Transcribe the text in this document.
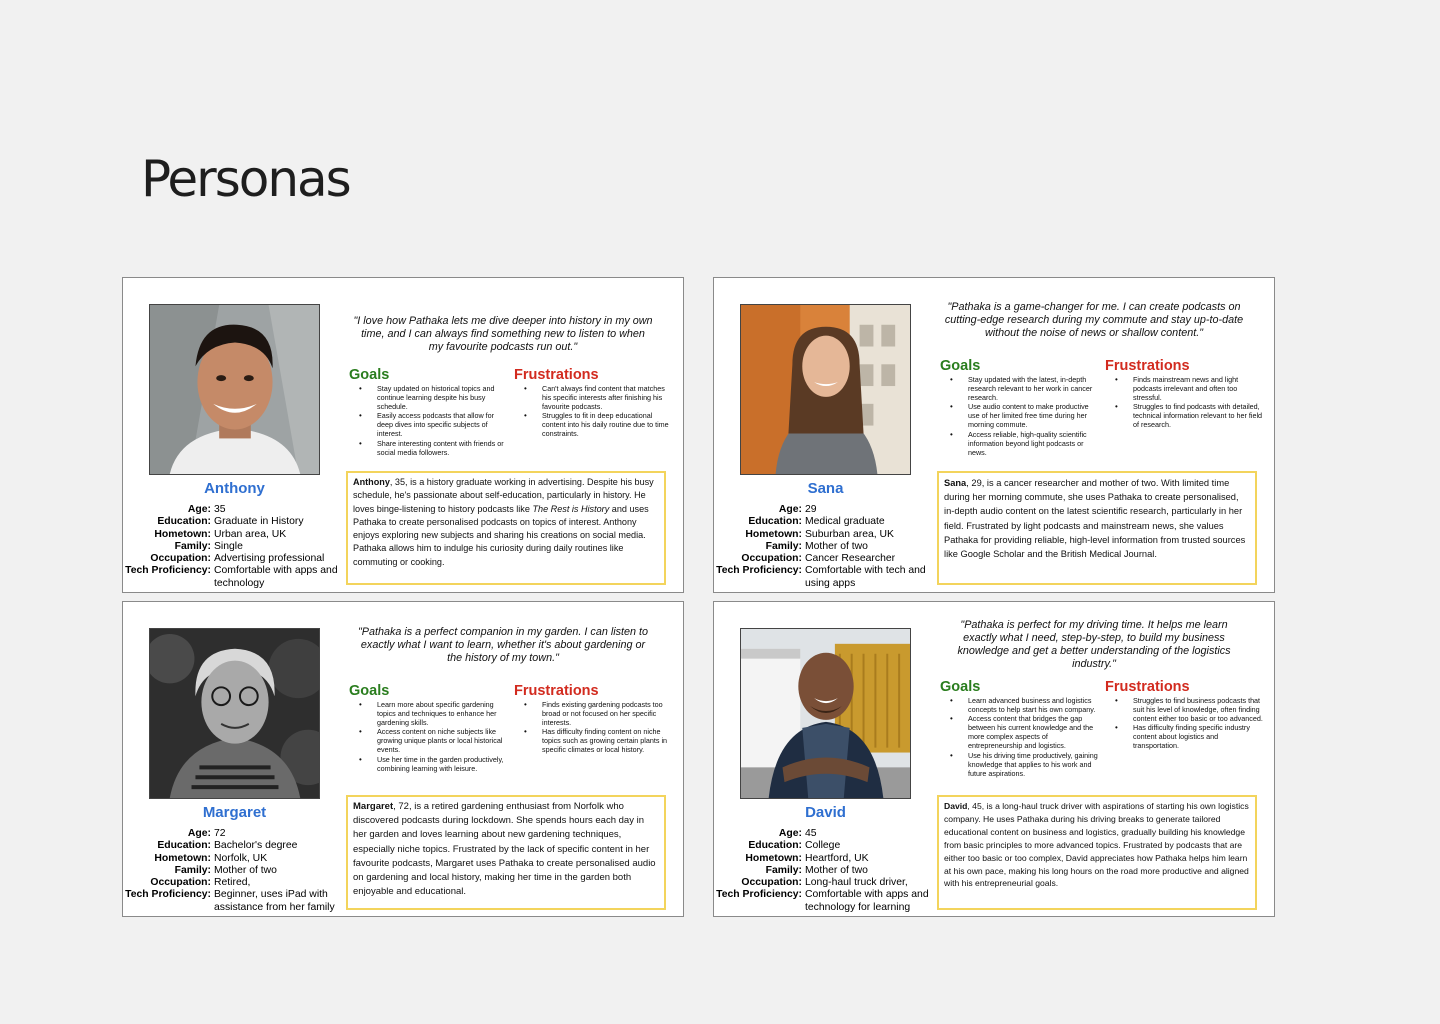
Personas
Anthony
Age: 35
Education: Graduate in History
Hometown: Urban area, UK
Family: Single
Occupation: Advertising professional
Tech Proficiency: Comfortable with apps and technology
"I love how Pathaka lets me dive deeper into history in my own time, and I can always find something new to listen to when my favourite podcasts run out."
Goals
• Stay updated on historical topics and continue learning despite his busy schedule.
• Easily access podcasts that allow for deep dives into specific subjects of interest.
• Share interesting content with friends or social media followers.
Frustrations
• Can't always find content that matches his specific interests after finishing his favourite podcasts.
• Struggles to fit in deep educational content into his daily routine due to time constraints.
Anthony, 35, is a history graduate working in advertising. Despite his busy schedule, he's passionate about self-education, particularly in history. He loves binge-listening to history podcasts like The Rest is History and uses Pathaka to create personalised podcasts on topics of interest. Anthony enjoys exploring new subjects and sharing his creations on social media. Pathaka allows him to indulge his curiosity during daily routines like commuting or cooking.
Sana
Age: 29
Education: Medical graduate
Hometown: Suburban area, UK
Family: Mother of two
Occupation: Cancer Researcher
Tech Proficiency: Comfortable with tech and using apps
"Pathaka is a game-changer for me. I can create podcasts on cutting-edge research during my commute and stay up-to-date without the noise of news or shallow content."
Goals
• Stay updated with the latest, in-depth research relevant to her work in cancer research.
• Use audio content to make productive use of her limited free time during her morning commute.
• Access reliable, high-quality scientific information beyond light podcasts or news.
Frustrations
• Finds mainstream news and light podcasts irrelevant and often too stressful.
• Struggles to find podcasts with detailed, technical information relevant to her field of research.
Sana, 29, is a cancer researcher and mother of two. With limited time during her morning commute, she uses Pathaka to create personalised, in-depth audio content on the latest scientific research, particularly in her field. Frustrated by light podcasts and mainstream news, she values Pathaka for providing reliable, high-level information from trusted sources like Google Scholar and the British Medical Journal.
Margaret
Age: 72
Education: Bachelor's degree
Hometown: Norfolk, UK
Family: Mother of two
Occupation: Retired,
Tech Proficiency: Beginner, uses iPad with assistance from her family
"Pathaka is a perfect companion in my garden. I can listen to exactly what I want to learn, whether it's about gardening or the history of my town."
Goals
• Learn more about specific gardening topics and techniques to enhance her gardening skills.
• Access content on niche subjects like growing unique plants or local historical events.
• Use her time in the garden productively, combining learning with leisure.
Frustrations
• Finds existing gardening podcasts too broad or not focused on her specific interests.
• Has difficulty finding content on niche topics such as growing certain plants in specific climates or local history.
Margaret, 72, is a retired gardening enthusiast from Norfolk who discovered podcasts during lockdown. She spends hours each day in her garden and loves learning about new gardening techniques, especially niche topics. Frustrated by the lack of specific content in her favourite podcasts, Margaret uses Pathaka to create personalised audio on gardening and local history, making her time in the garden both enjoyable and educational.
David
Age: 45
Education: College
Hometown: Heartford, UK
Family: Mother of two
Occupation: Long-haul truck driver,
Tech Proficiency: Comfortable with apps and technology for learning
"Pathaka is perfect for my driving time. It helps me learn exactly what I need, step-by-step, to build my business knowledge and get a better understanding of the logistics industry."
Goals
• Learn advanced business and logistics concepts to help start his own company.
• Access content that bridges the gap between his current knowledge and the more complex aspects of entrepreneurship and logistics.
• Use his driving time productively, gaining knowledge that applies to his work and future aspirations.
Frustrations
• Struggles to find business podcasts that suit his level of knowledge, often finding content either too basic or too advanced.
• Has difficulty finding specific industry content about logistics and transportation.
David, 45, is a long-haul truck driver with aspirations of starting his own logistics company. He uses Pathaka during his driving breaks to generate tailored educational content on business and logistics, gradually building his knowledge from basic principles to more advanced topics. Frustrated by podcasts that are either too basic or too complex, David appreciates how Pathaka helps him learn at his own pace, making his long hours on the road more productive and aligned with his entrepreneurial goals.
